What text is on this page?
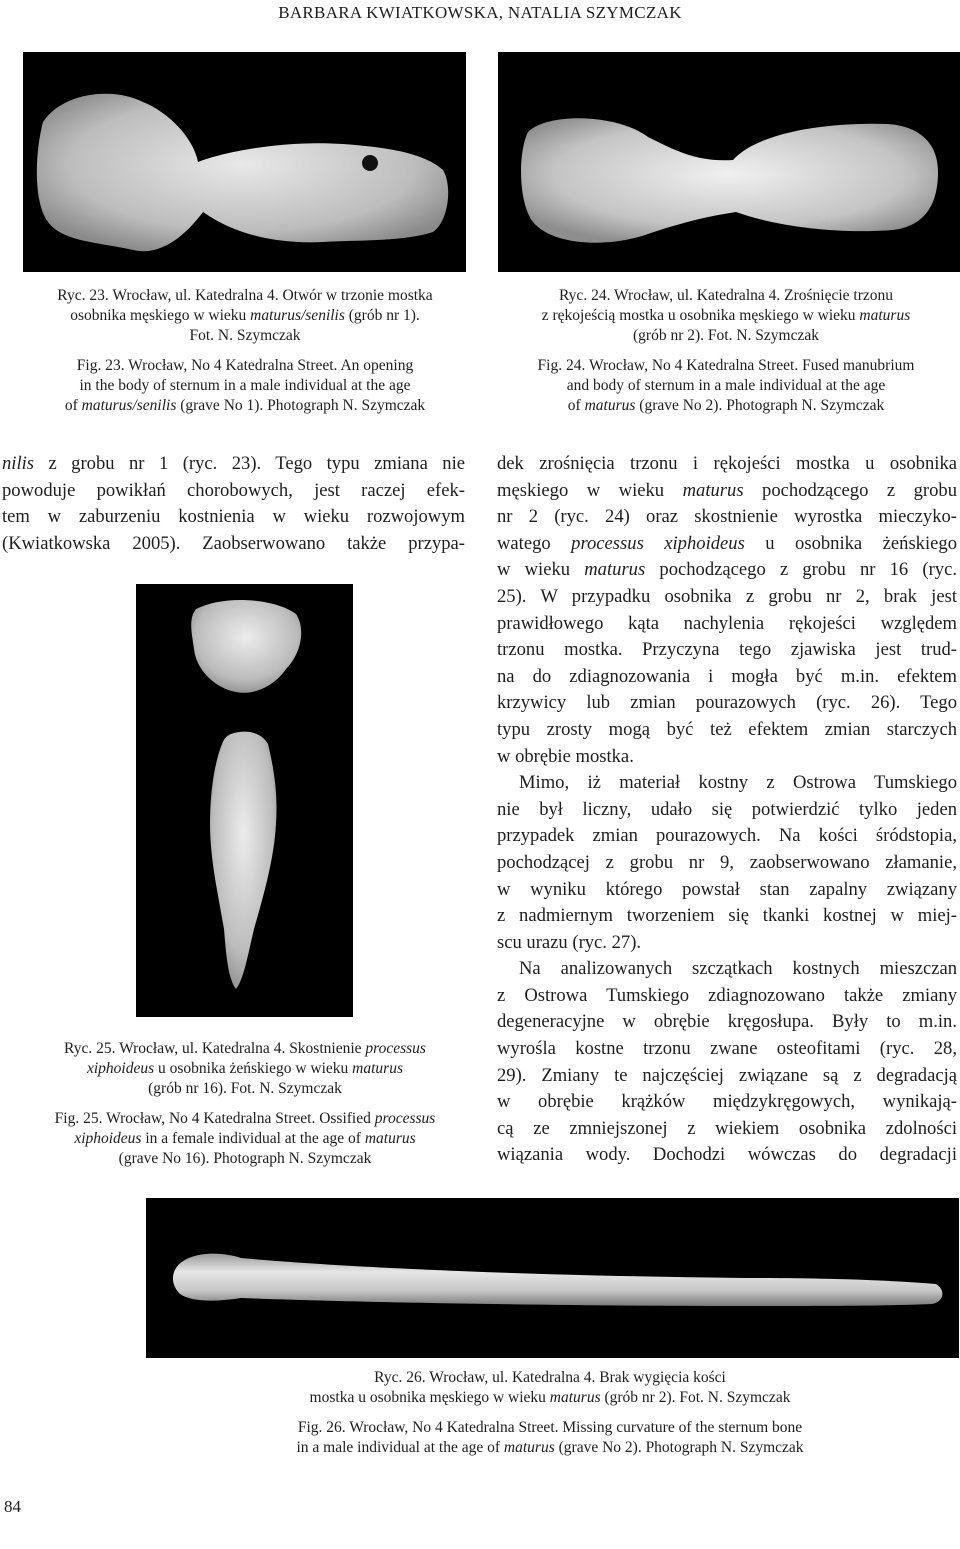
BARBARA KWIATKOWSKA, NATALIA SZYMCZAK
Ryc. 23. Wrocław, ul. Katedralna 4. Otwór w trzonie mostka
osobnika męskiego w wieku maturus/senilis (grób nr 1).
Fot. N. Szymczak
Fig. 23. Wrocław, No 4 Katedralna Street. An opening
in the body of sternum in a male individual at the age
of maturus/senilis (grave No 1). Photograph N. Szymczak
Ryc. 24. Wrocław, ul. Katedralna 4. Zrośnięcie trzonu
z rękojeścią mostka u osobnika męskiego w wieku maturus
(grób nr 2). Fot. N. Szymczak
Fig. 24. Wrocław, No 4 Katedralna Street. Fused manubrium
and body of sternum in a male individual at the age
of maturus (grave No 2). Photograph N. Szymczak
nilis z grobu nr 1 (ryc. 23). Tego typu zmiana nie
powoduje powikłań chorobowych, jest raczej efek-
tem w zaburzeniu kostnienia w wieku rozwojowym
(Kwiatkowska 2005). Zaobserwowano także przypa-
Ryc. 25. Wrocław, ul. Katedralna 4. Skostnienie processus
xiphoideus u osobnika żeńskiego w wieku maturus
(grób nr 16). Fot. N. Szymczak
Fig. 25. Wrocław, No 4 Katedralna Street. Ossified processus
xiphoideus in a female individual at the age of maturus
(grave No 16). Photograph N. Szymczak
dek zrośnięcia trzonu i rękojeści mostka u osobnika
męskiego w wieku maturus pochodzącego z grobu
nr 2 (ryc. 24) oraz skostnienie wyrostka mieczyko-
watego processus xiphoideus u osobnika żeńskiego
w wieku maturus pochodzącego z grobu nr 16 (ryc.
25). W przypadku osobnika z grobu nr 2, brak jest
prawidłowego kąta nachylenia rękojeści względem
trzonu mostka. Przyczyna tego zjawiska jest trud-
na do zdiagnozowania i mogła być m.in. efektem
krzywicy lub zmian pourazowych (ryc. 26). Tego
typu zrosty mogą być też efektem zmian starczych
w obrębie mostka.
Mimo, iż materiał kostny z Ostrowa Tumskiego
nie był liczny, udało się potwierdzić tylko jeden
przypadek zmian pourazowych. Na kości śródstopia,
pochodzącej z grobu nr 9, zaobserwowano złamanie,
w wyniku którego powstał stan zapalny związany
z nadmiernym tworzeniem się tkanki kostnej w miej-
scu urazu (ryc. 27).
Na analizowanych szczątkach kostnych mieszczan
z Ostrowa Tumskiego zdiagnozowano także zmiany
degeneracyjne w obrębie kręgosłupa. Były to m.in.
wyrośla kostne trzonu zwane osteofitami (ryc. 28,
29). Zmiany te najczęściej związane są z degradacją
w obrębie krążków międzykręgowych, wynikają-
cą ze zmniejszonej z wiekiem osobnika zdolności
wiązania wody. Dochodzi wówczas do degradacji
Ryc. 26. Wrocław, ul. Katedralna 4. Brak wygięcia kości
mostka u osobnika męskiego w wieku maturus (grób nr 2). Fot. N. Szymczak
Fig. 26. Wrocław, No 4 Katedralna Street. Missing curvature of the sternum bone
in a male individual at the age of maturus (grave No 2). Photograph N. Szymczak
84
